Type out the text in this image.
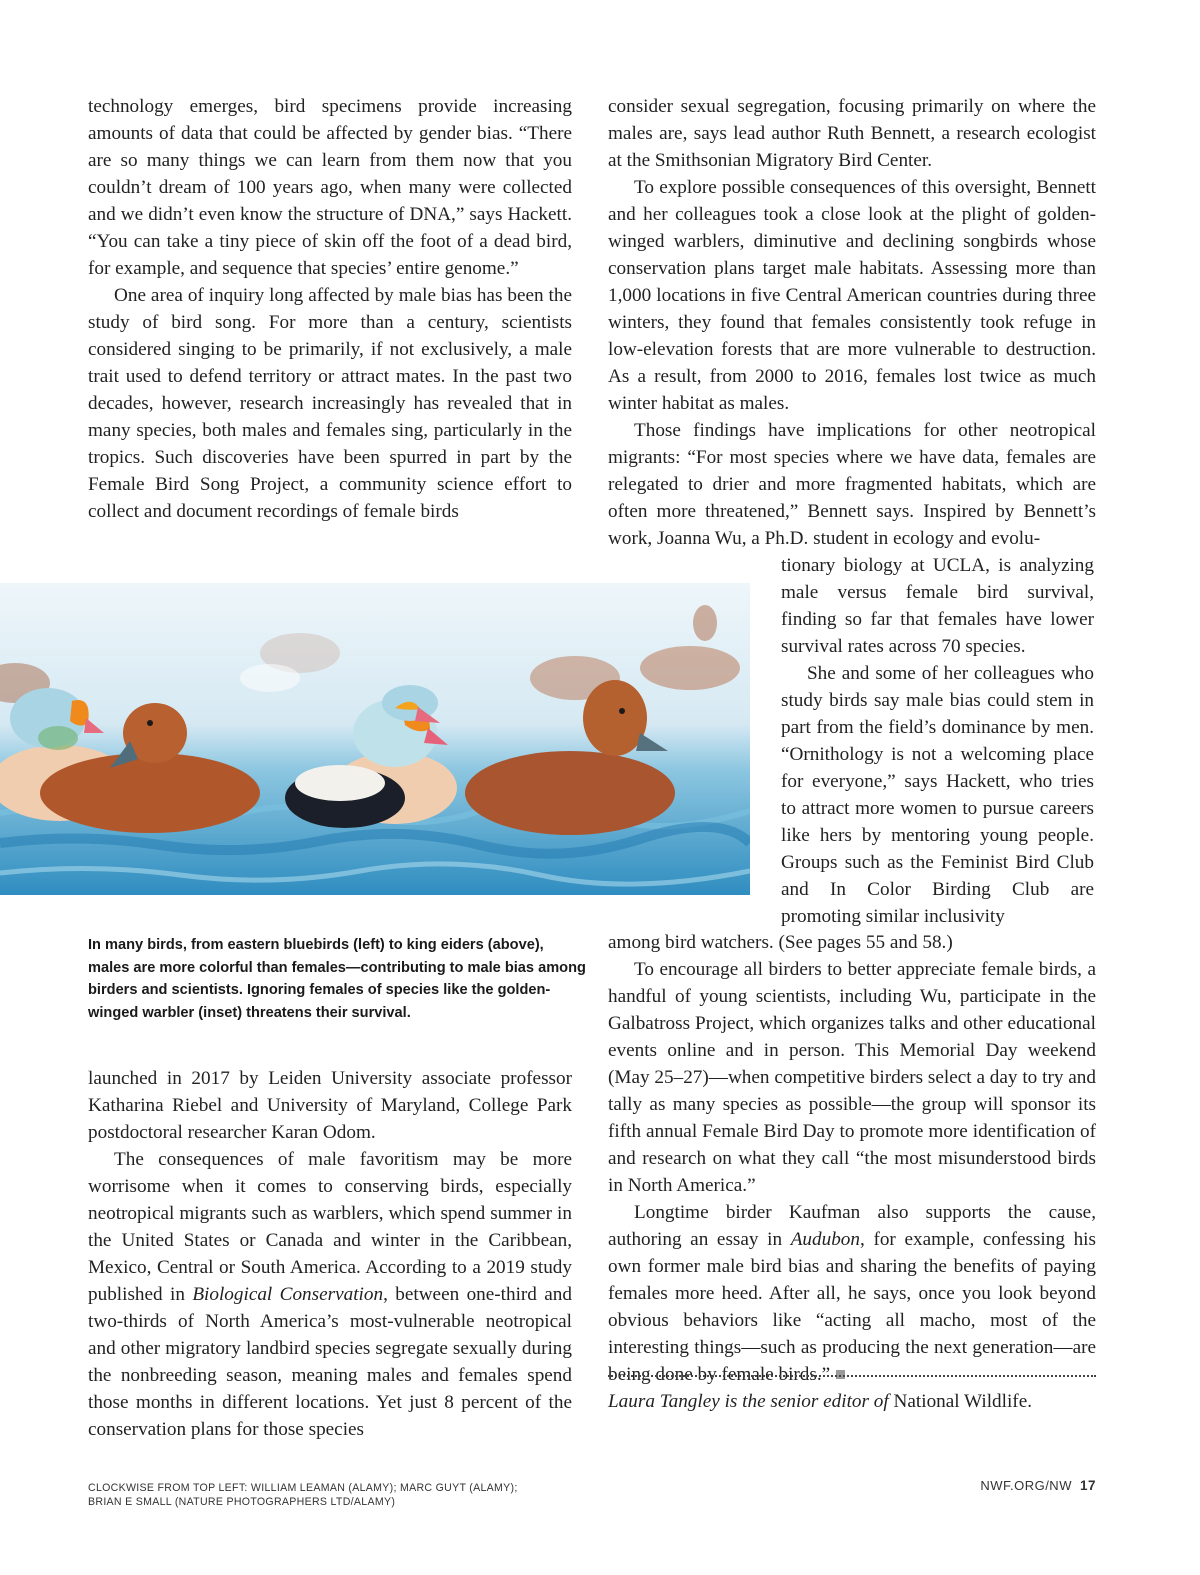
technology emerges, bird specimens provide increasing amounts of data that could be affected by gender bias. “There are so many things we can learn from them now that you couldn’t dream of 100 years ago, when many were collected and we didn’t even know the structure of DNA,” says Hackett. “You can take a tiny piece of skin off the foot of a dead bird, for example, and sequence that species’ entire genome.”

One area of inquiry long affected by male bias has been the study of bird song. For more than a century, scientists considered singing to be primarily, if not exclusively, a male trait used to defend territory or attract mates. In the past two decades, however, research increasingly has revealed that in many species, both males and females sing, particularly in the tropics. Such discoveries have been spurred in part by the Female Bird Song Project, a community science effort to collect and document recordings of female birds

In many birds, from eastern bluebirds (left) to king eiders (above), males are more colorful than females—contributing to male bias among birders and scientists. Ignoring females of species like the golden-winged warbler (inset) threatens their survival.

launched in 2017 by Leiden University associate professor Katharina Riebel and University of Maryland, College Park postdoctoral researcher Karan Odom.

The consequences of male favoritism may be more worrisome when it comes to conserving birds, especially neotropical migrants such as warblers, which spend summer in the United States or Canada and winter in the Caribbean, Mexico, Central or South America. According to a 2019 study published in Biological Conservation, between one-third and two-thirds of North America’s most-vulnerable neotropical and other migratory landbird species segregate sexually during the nonbreeding season, meaning males and females spend those months in different locations. Yet just 8 percent of the conservation plans for those species

consider sexual segregation, focusing primarily on where the males are, says lead author Ruth Bennett, a research ecologist at the Smithsonian Migratory Bird Center.

To explore possible consequences of this oversight, Bennett and her colleagues took a close look at the plight of golden-winged warblers, diminutive and declining songbirds whose conservation plans target male habitats. Assessing more than 1,000 locations in five Central American countries during three winters, they found that females consistently took refuge in low-elevation forests that are more vulnerable to destruction. As a result, from 2000 to 2016, females lost twice as much winter habitat as males.

Those findings have implications for other neotropical migrants: “For most species where we have data, females are relegated to drier and more fragmented habitats, which are often more threatened,” Bennett says. Inspired by Bennett’s work, Joanna Wu, a Ph.D. student in ecology and evolu-

tionary biology at UCLA, is analyzing male versus female bird survival, finding so far that females have lower survival rates across 70 species.

She and some of her colleagues who study birds say male bias could stem in part from the field’s dominance by men. “Ornithology is not a welcoming place for everyone,” says Hackett, who tries to attract more women to pursue careers like hers by mentoring young people. Groups such as the Feminist Bird Club and In Color Birding Club are promoting similar inclusivity

among bird watchers. (See pages 55 and 58.)

To encourage all birders to better appreciate female birds, a handful of young scientists, including Wu, participate in the Galbatross Project, which organizes talks and other educational events online and in person. This Memorial Day weekend (May 25–27)—when competitive birders select a day to try and tally as many species as possible—the group will sponsor its fifth annual Female Bird Day to promote more identification of and research on what they call “the most misunderstood birds in North America.”

Longtime birder Kaufman also supports the cause, authoring an essay in Audubon, for example, confessing his own former male bird bias and sharing the benefits of paying females more heed. After all, he says, once you look beyond obvious behaviors like “acting all macho, most of the interesting things—such as producing the next generation—are being done by female birds.”

Laura Tangley is the senior editor of National Wildlife.
CLOCKWISE FROM TOP LEFT: WILLIAM LEAMAN (ALAMY); MARC GUYT (ALAMY);
BRIAN E SMALL (NATURE PHOTOGRAPHERS LTD/ALAMY)
NWF.ORG/NW 17
